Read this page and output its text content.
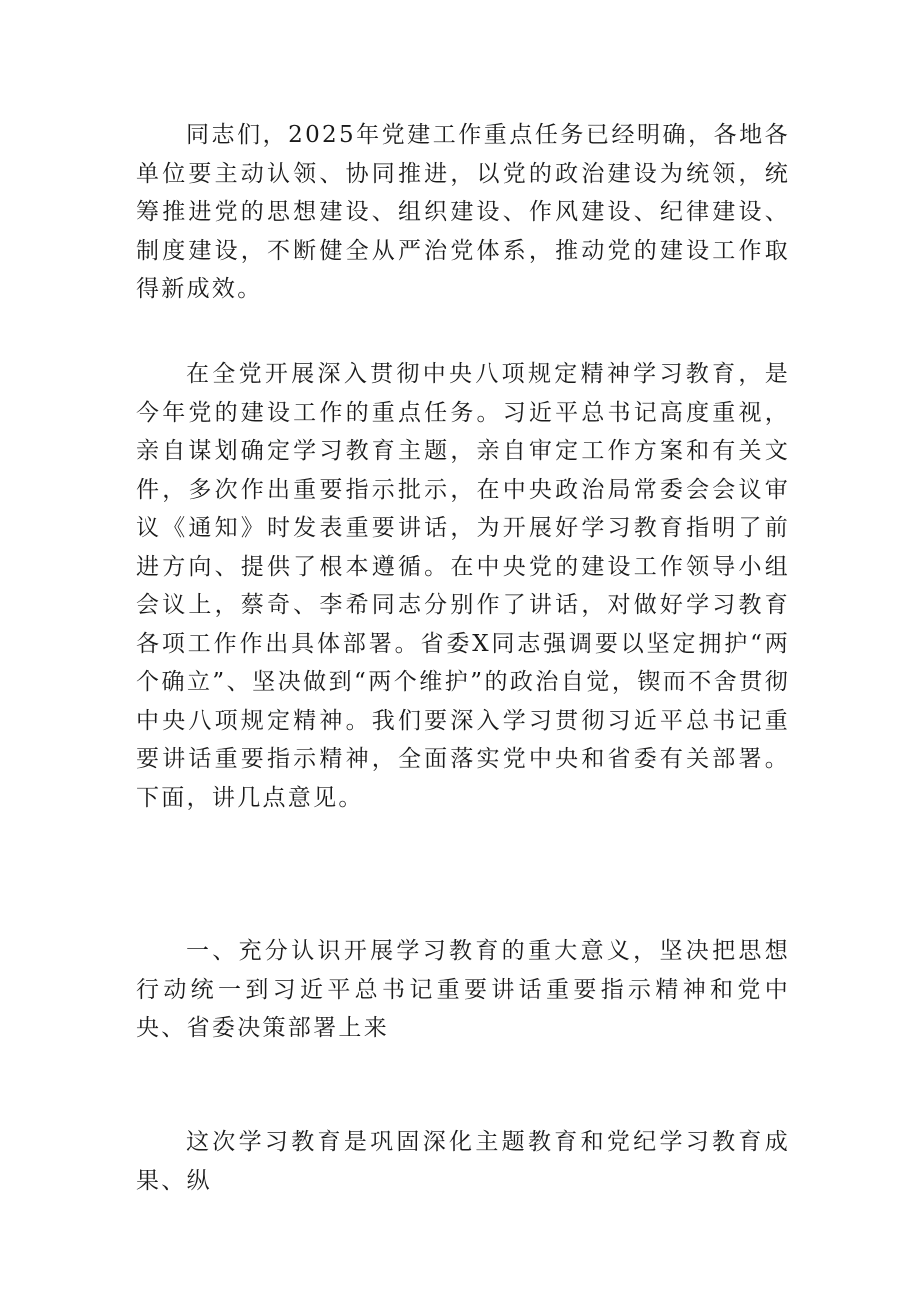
同志们，2025年党建工作重点任务已经明确，各地各单位要主动认领、协同推进，以党的政治建设为统领，统筹推进党的思想建设、组织建设、作风建设、纪律建设、制度建设，不断健全从严治党体系，推动党的建设工作取得新成效。

在全党开展深入贯彻中央八项规定精神学习教育，是今年党的建设工作的重点任务。习近平总书记高度重视，亲自谋划确定学习教育主题，亲自审定工作方案和有关文件，多次作出重要指示批示，在中央政治局常委会会议审议《通知》时发表重要讲话，为开展好学习教育指明了前进方向、提供了根本遵循。在中央党的建设工作领导小组会议上，蔡奇、李希同志分别作了讲话，对做好学习教育各项工作作出具体部署。省委X同志强调要以坚定拥护“两个确立”、坚决做到“两个维护”的政治自觉，锲而不舍贯彻中央八项规定精神。我们要深入学习贯彻习近平总书记重要讲话重要指示精神，全面落实党中央和省委有关部署。下面，讲几点意见。

一、充分认识开展学习教育的重大意义，坚决把思想行动统一到习近平总书记重要讲话重要指示精神和党中央、省委决策部署上来

这次学习教育是巩固深化主题教育和党纪学习教育成果、纵
